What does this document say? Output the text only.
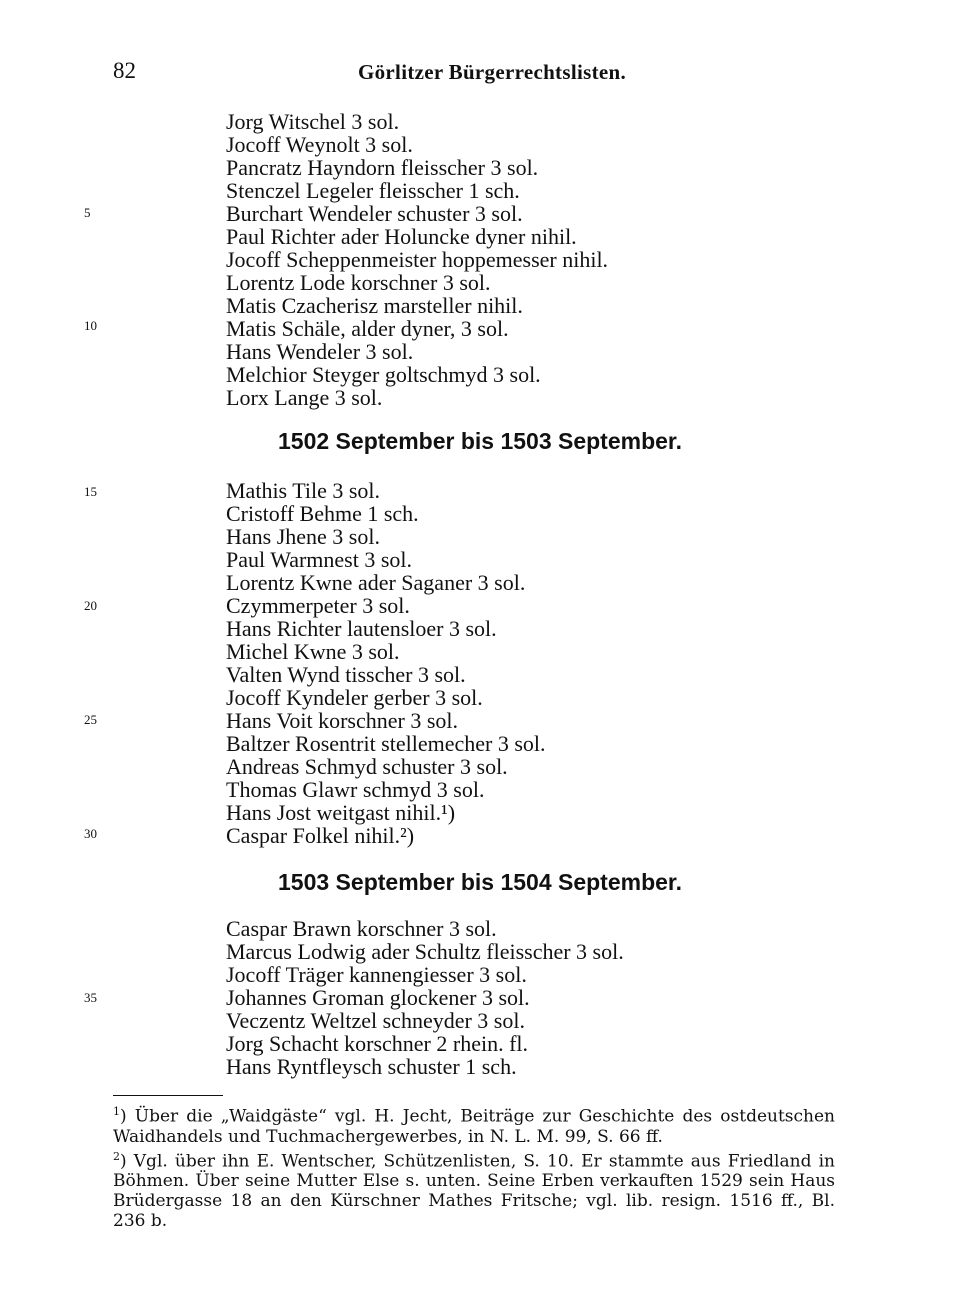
82	Görlitzer Bürgerrechtslisten.
5
10
15
20
25
30
35
Jorg Witschel 3 sol.
Jocoff Weynolt 3 sol.
Pancratz Hayndorn fleisscher 3 sol.
Stenczel Legeler fleisscher 1 sch.
Burchart Wendeler schuster 3 sol.
Paul Richter ader Holuncke dyner nihil.
Jocoff Scheppenmeister hoppemesser nihil.
Lorentz Lode korschner 3 sol.
Matis Czacherisz marsteller nihil.
Matis Schäle, alder dyner, 3 sol.
Hans Wendeler 3 sol.
Melchior Steyger goltschmyd 3 sol.
Lorx Lange 3 sol.
1502 September bis 1503 September.
Mathis Tile 3 sol.
Cristoff Behme 1 sch.
Hans Jhene 3 sol.
Paul Warmnest 3 sol.
Lorentz Kwne ader Saganer 3 sol.
Czymmerpeter 3 sol.
Hans Richter lautensloer 3 sol.
Michel Kwne 3 sol.
Valten Wynd tisscher 3 sol.
Jocoff Kyndeler gerber 3 sol.
Hans Voit korschner 3 sol.
Baltzer Rosentrit stellemecher 3 sol.
Andreas Schmyd schuster 3 sol.
Thomas Glawr schmyd 3 sol.
Hans Jost weitgast nihil.¹)
Caspar Folkel nihil.²)
1503 September bis 1504 September.
Caspar Brawn korschner 3 sol.
Marcus Lodwig ader Schultz fleisscher 3 sol.
Jocoff Träger kannengiesser 3 sol.
Johannes Groman glockener 3 sol.
Veczentz Weltzel schneyder 3 sol.
Jorg Schacht korschner 2 rhein. fl.
Hans Ryntfleysch schuster 1 sch.
$^1$) Über die „Waidgäste“ vgl. H. Jecht, Beiträge zur Geschichte des ostdeutschen Waidhandels und Tuchmachergewerbes, in N. L. M. 99, S. 66 ff.
$^2$) Vgl. über ihn E. Wentscher, Schützenlisten, S. 10. Er stammte aus Friedland in Böhmen. Über seine Mutter Else s. unten. Seine Erben verkauften 1529 sein Haus Brüdergasse 18 an den Kürschner Mathes Fritsche; vgl. lib. resign. 1516 ff., Bl. 236 b.
